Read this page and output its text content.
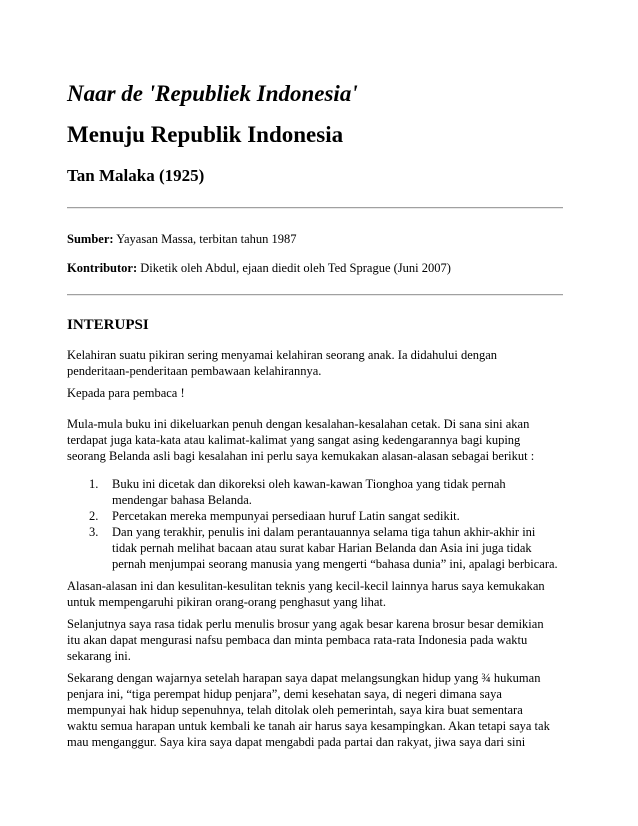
Naar de 'Republiek Indonesia'
Menuju Republik Indonesia
Tan Malaka (1925)

Sumber: Yayasan Massa, terbitan tahun 1987

Kontributor: Diketik oleh Abdul, ejaan diedit oleh Ted Sprague (Juni 2007)

INTERUPSI

Kelahiran suatu pikiran sering menyamai kelahiran seorang anak. Ia didahului dengan
penderitaan-penderitaan pembawaan kelahirannya.

Kepada para pembaca !

Mula-mula buku ini dikeluarkan penuh dengan kesalahan-kesalahan cetak. Di sana sini akan
terdapat juga kata-kata atau kalimat-kalimat yang sangat asing kedengarannya bagi kuping
seorang Belanda asli bagi kesalahan ini perlu saya kemukakan alasan-alasan sebagai berikut :

1. Buku ini dicetak dan dikoreksi oleh kawan-kawan Tionghoa yang tidak pernah
mendengar bahasa Belanda.
2. Percetakan mereka mempunyai persediaan huruf Latin sangat sedikit.
3. Dan yang terakhir, penulis ini dalam perantauannya selama tiga tahun akhir-akhir ini
tidak pernah melihat bacaan atau surat kabar Harian Belanda dan Asia ini juga tidak
pernah menjumpai seorang manusia yang mengerti “bahasa dunia” ini, apalagi berbicara.

Alasan-alasan ini dan kesulitan-kesulitan teknis yang kecil-kecil lainnya harus saya kemukakan
untuk mempengaruhi pikiran orang-orang penghasut yang lihat.

Selanjutnya saya rasa tidak perlu menulis brosur yang agak besar karena brosur besar demikian
itu akan dapat mengurasi nafsu pembaca dan minta pembaca rata-rata Indonesia pada waktu
sekarang ini.

Sekarang dengan wajarnya setelah harapan saya dapat melangsungkan hidup yang ¾ hukuman
penjara ini, “tiga perempat hidup penjara”, demi kesehatan saya, di negeri dimana saya
mempunyai hak hidup sepenuhnya, telah ditolak oleh pemerintah, saya kira buat sementara
waktu semua harapan untuk kembali ke tanah air harus saya kesampingkan. Akan tetapi saya tak
mau menganggur. Saya kira saya dapat mengabdi pada partai dan rakyat, jiwa saya dari sini
